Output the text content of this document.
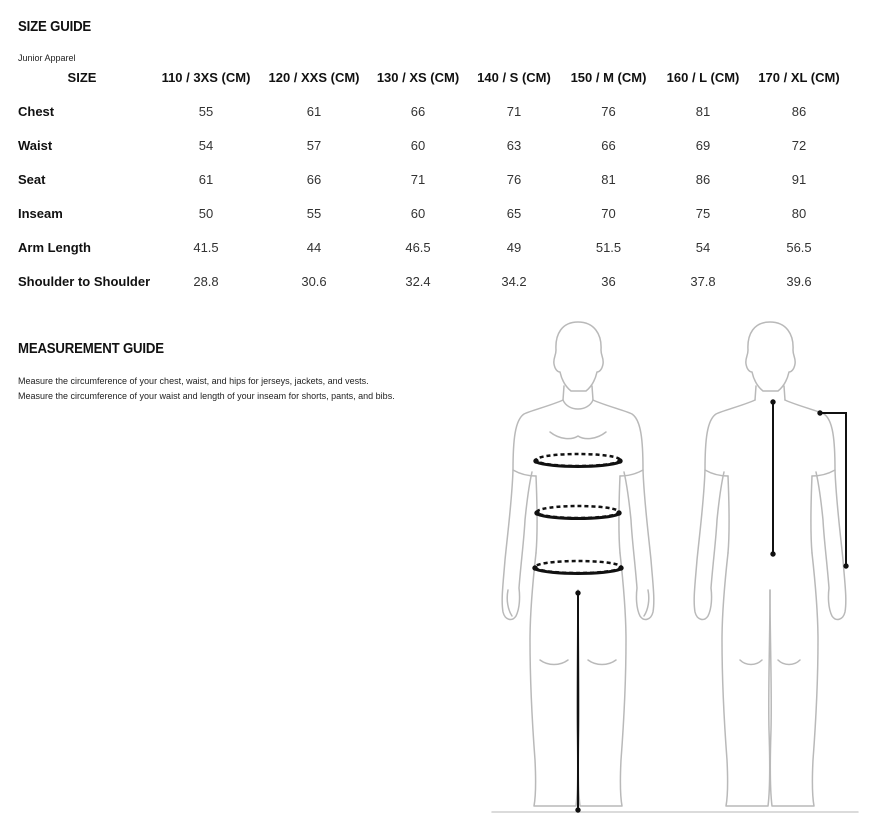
SIZE GUIDE
Junior Apparel
SIZE	110 / 3XS (CM)	120 / XXS (CM)	130 / XS (CM)	140 / S (CM)	150 / M (CM)	160 / L (CM)	170 / XL (CM)
Chest	55	61	66	71	76	81	86
Waist	54	57	60	63	66	69	72
Seat	61	66	71	76	81	86	91
Inseam	50	55	60	65	70	75	80
Arm Length	41.5	44	46.5	49	51.5	54	56.5
Shoulder to Shoulder	28.8	30.6	32.4	34.2	36	37.8	39.6
MEASUREMENT GUIDE
Measure the circumference of your chest, waist, and hips for jerseys, jackets, and vests.
Measure the circumference of your waist and length of your inseam for shorts, pants, and bibs.
